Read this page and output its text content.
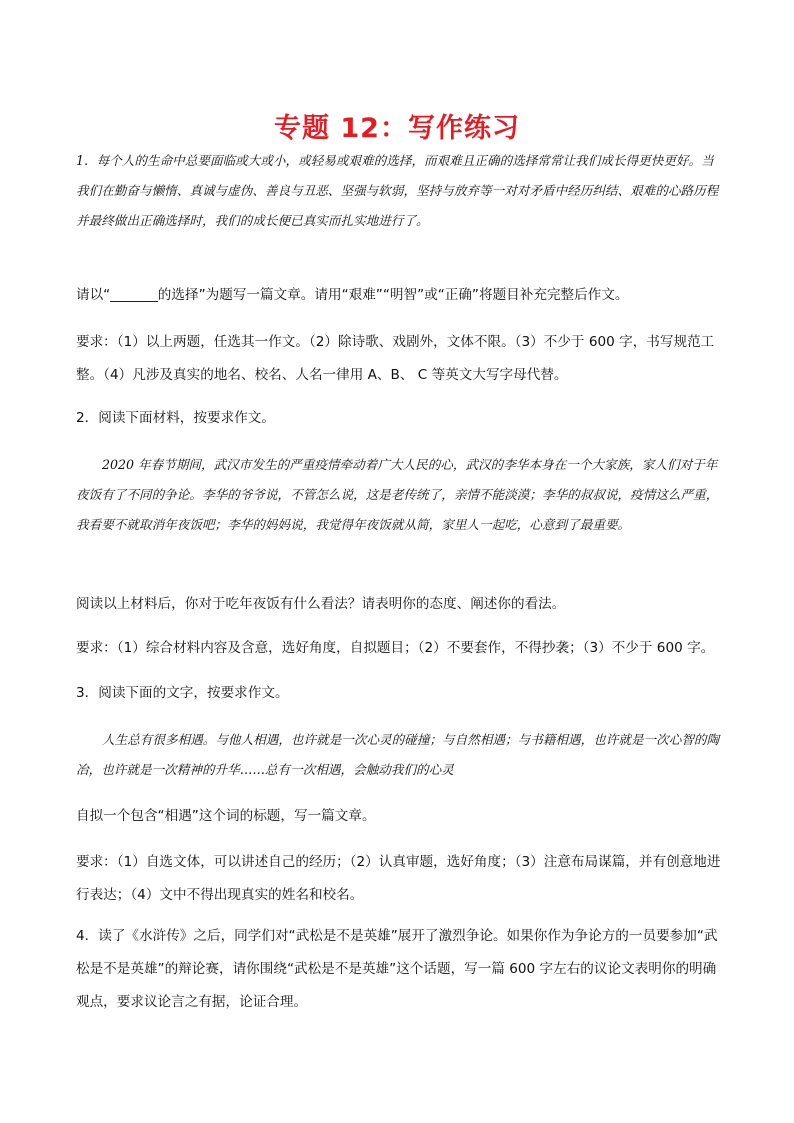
专题 12：写作练习

1．每个人的生命中总要面临或大或小，或轻易或艰难的选择，而艰难且正确的选择常常让我们成长得更快更好。当我们在勤奋与懒惰、真诚与虚伪、善良与丑恶、坚强与软弱，坚持与放弃等一对对矛盾中经历纠结、艰难的心路历程并最终做出正确选择时，我们的成长便已真实而扎实地进行了。

请以“_______的选择”为题写一篇文章。请用“艰难”“明智”或“正确”将题目补充完整后作文。

要求：（1）以上两题，任选其一作文。（2）除诗歌、戏剧外，文体不限。（3）不少于 600 字，书写规范工整。（4）凡涉及真实的地名、校名、人名一律用 A、B、 C 等英文大写字母代替。

2．阅读下面材料，按要求作文。

2020 年春节期间，武汉市发生的严重疫情牵动着广大人民的心，武汉的李华本身在一个大家族，家人们对于年夜饭有了不同的争论。李华的爷爷说，不管怎么说，这是老传统了，亲情不能淡漠；李华的叔叔说，疫情这么严重，我看要不就取消年夜饭吧；李华的妈妈说，我觉得年夜饭就从简，家里人一起吃，心意到了最重要。

阅读以上材料后，你对于吃年夜饭有什么看法？请表明你的态度、阐述你的看法。

要求：（1）综合材料内容及含意，选好角度，自拟题目；（2）不要套作，不得抄袭；（3）不少于 600 字。

3．阅读下面的文字，按要求作文。

人生总有很多相遇。与他人相遇，也许就是一次心灵的碰撞；与自然相遇；与书籍相遇，也许就是一次心智的陶冶，也许就是一次精神的升华……总有一次相遇，会触动我们的心灵

自拟一个包含“相遇”这个词的标题，写一篇文章。

要求：（1）自选文体，可以讲述自己的经历；（2）认真审题，选好角度；（3）注意布局谋篇，并有创意地进行表达；（4）文中不得出现真实的姓名和校名。

4．读了《水浒传》之后，同学们对“武松是不是英雄”展开了激烈争论。如果你作为争论方的一员要参加“武松是不是英雄”的辩论赛，请你围绕“武松是不是英雄”这个话题，写一篇 600 字左右的议论文表明你的明确观点，要求议论言之有据，论证合理。
